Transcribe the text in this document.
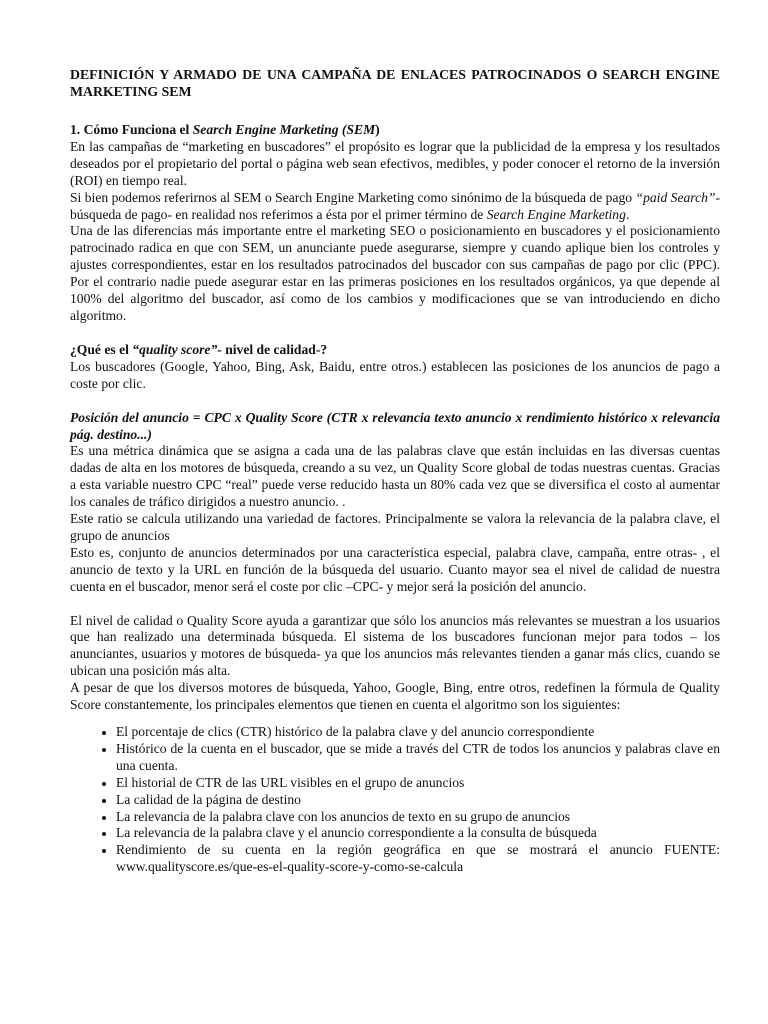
DEFINICIÓN Y ARMADO DE UNA CAMPAÑA DE ENLACES PATROCINADOS O SEARCH ENGINE MARKETING SEM

1. Cómo Funciona el Search Engine Marketing (SEM)

En las campañas de “marketing en buscadores” el propósito es lograr que la publicidad de la empresa y los resultados deseados por el propietario del portal o página web sean efectivos, medibles, y poder conocer el retorno de la inversión (ROI) en tiempo real.

Si bien podemos referirnos al SEM o Search Engine Marketing como sinónimo de la búsqueda de pago “paid Search”- búsqueda de pago- en realidad nos referimos a ésta por el primer término de Search Engine Marketing.

Una de las diferencias más importante entre el marketing SEO o posicionamiento en buscadores y el posicionamiento patrocinado radica en que con SEM, un anunciante puede asegurarse, siempre y cuando aplique bien los controles y ajustes correspondientes, estar en los resultados patrocinados del buscador con sus campañas de pago por clic (PPC). Por el contrario nadie puede asegurar estar en las primeras posiciones en los resultados orgánicos, ya que depende al 100% del algoritmo del buscador, así como de los cambios y modificaciones que se van introduciendo en dicho algoritmo.

¿Qué es el “quality score”- nivel de calidad-?

Los buscadores (Google, Yahoo, Bing, Ask, Baidu, entre otros.) establecen las posiciones de los anuncios de pago a coste por clic.

Posición del anuncio = CPC x Quality Score (CTR x relevancia texto anuncio x rendimiento histórico x relevancia pág. destino...)

Es una métrica dinámica que se asigna a cada una de las palabras clave que están incluidas en las diversas cuentas dadas de alta en los motores de búsqueda, creando a su vez, un Quality Score global de todas nuestras cuentas. Gracias a esta variable nuestro CPC “real” puede verse reducido hasta un 80% cada vez que se diversifica el costo al aumentar los canales de tráfico dirigidos a nuestro anuncio. .

Este ratio se calcula utilizando una variedad de factores. Principalmente se valora la relevancia de la palabra clave, el grupo de anuncios

Esto es, conjunto de anuncios determinados por una característica especial, palabra clave, campaña, entre otras- , el anuncio de texto y la URL en función de la búsqueda del usuario. Cuanto mayor sea el nivel de calidad de nuestra cuenta en el buscador, menor será el coste por clic –CPC- y mejor será la posición del anuncio.

El nivel de calidad o Quality Score ayuda a garantizar que sólo los anuncios más relevantes se muestran a los usuarios que han realizado una determinada búsqueda. El sistema de los buscadores funcionan mejor para todos – los anunciantes, usuarios y motores de búsqueda- ya que los anuncios más relevantes tienden a ganar más clics, cuando se ubican una posición más alta.

A pesar de que los diversos motores de búsqueda, Yahoo, Google, Bing, entre otros, redefinen la fórmula de Quality Score constantemente, los principales elementos que tienen en cuenta el algoritmo son los siguientes:

• El porcentaje de clics (CTR) histórico de la palabra clave y del anuncio correspondiente
• Histórico de la cuenta en el buscador, que se mide a través del CTR de todos los anuncios y palabras clave en una cuenta.
• El historial de CTR de las URL visibles en el grupo de anuncios
• La calidad de la página de destino
• La relevancia de la palabra clave con los anuncios de texto en su grupo de anuncios
• La relevancia de la palabra clave y el anuncio correspondiente a la consulta de búsqueda
• Rendimiento de su cuenta en la región geográfica en que se mostrará el anuncio FUENTE: www.qualityscore.es/que-es-el-quality-score-y-como-se-calcula
